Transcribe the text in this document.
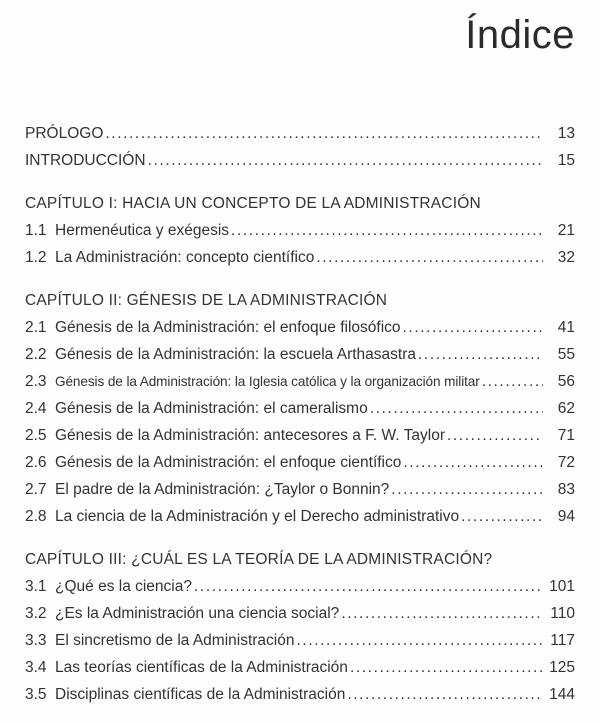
Índice
PRÓLOGO .....	13
INTRODUCCIÓN .....	15
CAPÍTULO I: HACIA UN CONCEPTO DE LA ADMINISTRACIÓN
1.1 Hermenéutica y exégesis .....	21
1.2 La Administración: concepto científico .....	32
CAPÍTULO II: GÉNESIS DE LA ADMINISTRACIÓN
2.1 Génesis de la Administración: el enfoque filosófico .....	41
2.2 Génesis de la Administración: la escuela Arthasastra .....	55
2.3 Génesis de la Administración: la Iglesia católica y la organización militar .....	56
2.4 Génesis de la Administración: el cameralismo .....	62
2.5 Génesis de la Administración: antecesores a F. W. Taylor .....	71
2.6 Génesis de la Administración: el enfoque científico .....	72
2.7 El padre de la Administración: ¿Taylor o Bonnin? .....	83
2.8 La ciencia de la Administración y el Derecho administrativo .....	94
CAPÍTULO III: ¿CUÁL ES LA TEORÍA DE LA ADMINISTRACIÓN?
3.1 ¿Qué es la ciencia? .....	101
3.2 ¿Es la Administración una ciencia social? .....	110
3.3 El sincretismo de la Administración .....	117
3.4 Las teorías científicas de la Administración .....	125
3.5 Disciplinas científicas de la Administración .....	144
